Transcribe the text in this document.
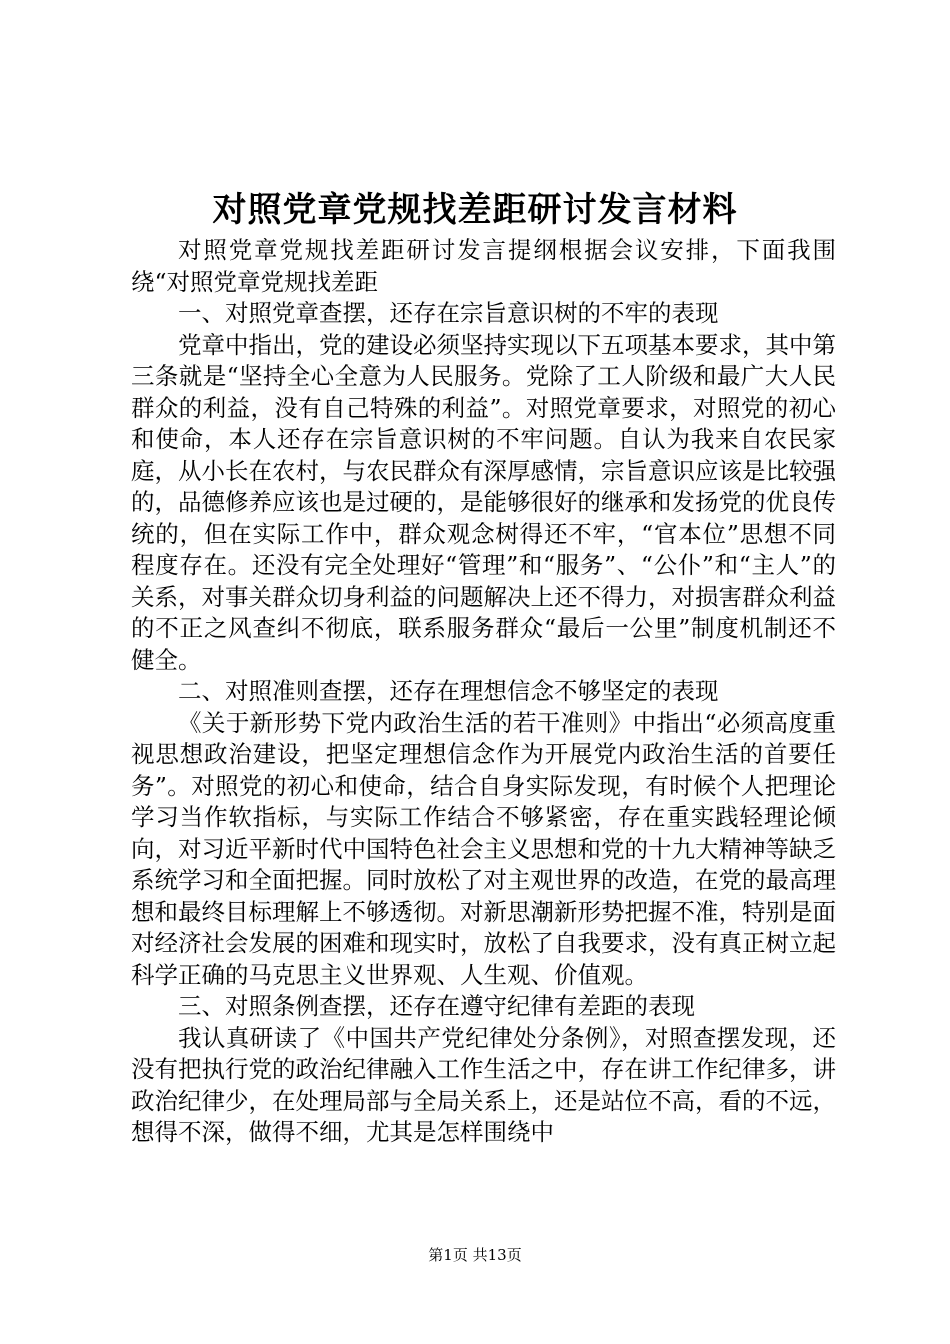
对照党章党规找差距研讨发言材料

对照党章党规找差距研讨发言提纲根据会议安排，下面我围绕“对照党章党规找差距

一、对照党章查摆，还存在宗旨意识树的不牢的表现

党章中指出，党的建设必须坚持实现以下五项基本要求，其中第三条就是“坚持全心全意为人民服务。党除了工人阶级和最广大人民群众的利益，没有自己特殊的利益”。对照党章要求，对照党的初心和使命，本人还存在宗旨意识树的不牢问题。自认为我来自农民家庭，从小长在农村，与农民群众有深厚感情，宗旨意识应该是比较强的，品德修养应该也是过硬的，是能够很好的继承和发扬党的优良传统的，但在实际工作中，群众观念树得还不牢，“官本位”思想不同程度存在。还没有完全处理好“管理”和“服务”、“公仆”和“主人”的关系，对事关群众切身利益的问题解决上还不得力，对损害群众利益的不正之风查纠不彻底，联系服务群众“最后一公里”制度机制还不健全。

二、对照准则查摆，还存在理想信念不够坚定的表现

《关于新形势下党内政治生活的若干准则》中指出“必须高度重视思想政治建设，把坚定理想信念作为开展党内政治生活的首要任务”。对照党的初心和使命，结合自身实际发现，有时候个人把理论学习当作软指标，与实际工作结合不够紧密，存在重实践轻理论倾向，对习近平新时代中国特色社会主义思想和党的十九大精神等缺乏系统学习和全面把握。同时放松了对主观世界的改造，在党的最高理想和最终目标理解上不够透彻。对新思潮新形势把握不准，特别是面对经济社会发展的困难和现实时，放松了自我要求，没有真正树立起科学正确的马克思主义世界观、人生观、价值观。

三、对照条例查摆，还存在遵守纪律有差距的表现

我认真研读了《中国共产党纪律处分条例》，对照查摆发现，还没有把执行党的政治纪律融入工作生活之中，存在讲工作纪律多，讲政治纪律少，在处理局部与全局关系上，还是站位不高，看的不远，想得不深，做得不细，尤其是怎样围绕中

第1页 共13页
